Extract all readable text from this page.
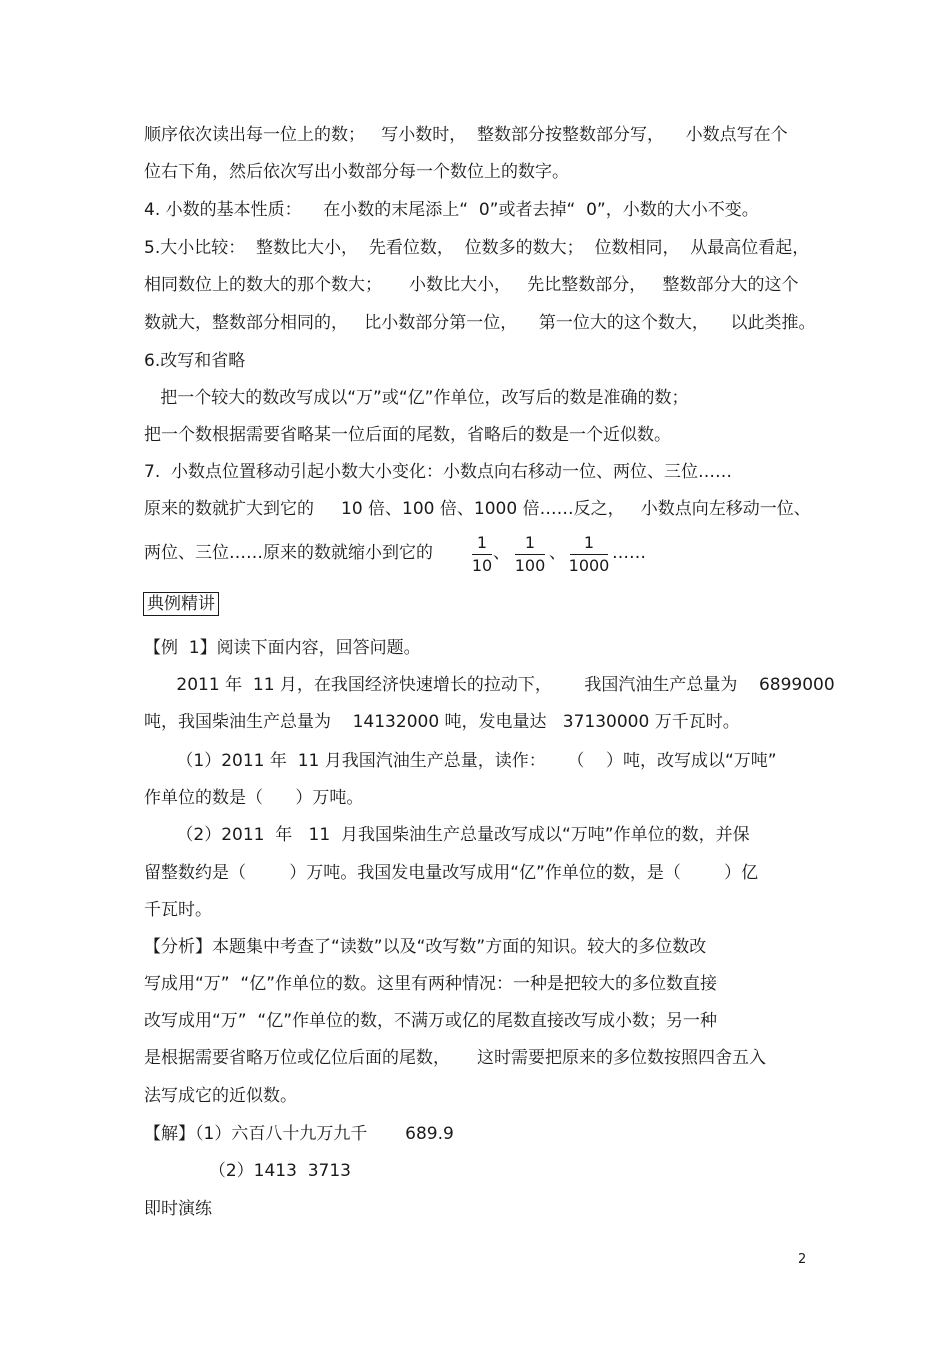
顺序依次读出每一位上的数；   写小数时，  整数部分按整数部分写，    小数点写在个
位右下角，然后依次写出小数部分每一个数位上的数字。
4. 小数的基本性质：    在小数的末尾添上“  0”或者去掉“  0”，小数的大小不变。
5.大小比较：  整数比大小，  先看位数，  位数多的数大；  位数相同，  从最高位看起，
相同数位上的数大的那个数大；     小数比大小，   先比整数部分，   整数部分大的这个
数就大，整数部分相同的，   比小数部分第一位，    第一位大的这个数大，    以此类推。
6.改写和省略
把一个较大的数改写成以“万”或“亿”作单位，改写后的数是准确的数；
把一个数根据需要省略某一位后面的尾数，省略后的数是一个近似数。
7.  小数点位置移动引起小数大小变化：小数点向右移动一位、两位、三位……
原来的数就扩大到它的     10 倍、100 倍、1000 倍……反之，   小数点向左移动一位、
两位、三位……原来的数就缩小到它的
1
10
、
1
100
、
1
1000
……
典例精讲
【例  1】阅读下面内容，回答问题。
2011 年  11 月，在我国经济快速增长的拉动下，      我国汽油生产总量为    6899000
吨，我国柴油生产总量为    14132000 吨，发电量达   37130000 万千瓦时。
（1）2011 年  11 月我国汽油生产总量，读作：    （    ）吨，改写成以“万吨”
作单位的数是（      ）万吨。
（2）2011  年   11  月我国柴油生产总量改写成以“万吨”作单位的数，并保
留整数约是（        ）万吨。我国发电量改写成用“亿”作单位的数，是（        ）亿
千瓦时。
【分析】本题集中考查了“读数”以及“改写数”方面的知识。较大的多位数改
写成用“万”  “亿”作单位的数。这里有两种情况：一种是把较大的多位数直接
改写成用“万”  “亿”作单位的数，不满万或亿的尾数直接改写成小数；另一种
是根据需要省略万位或亿位后面的尾数，     这时需要把原来的多位数按照四舍五入
法写成它的近似数。
【解】（1）六百八十九万九千       689.9
（2）1413  3713
即时演练
2
